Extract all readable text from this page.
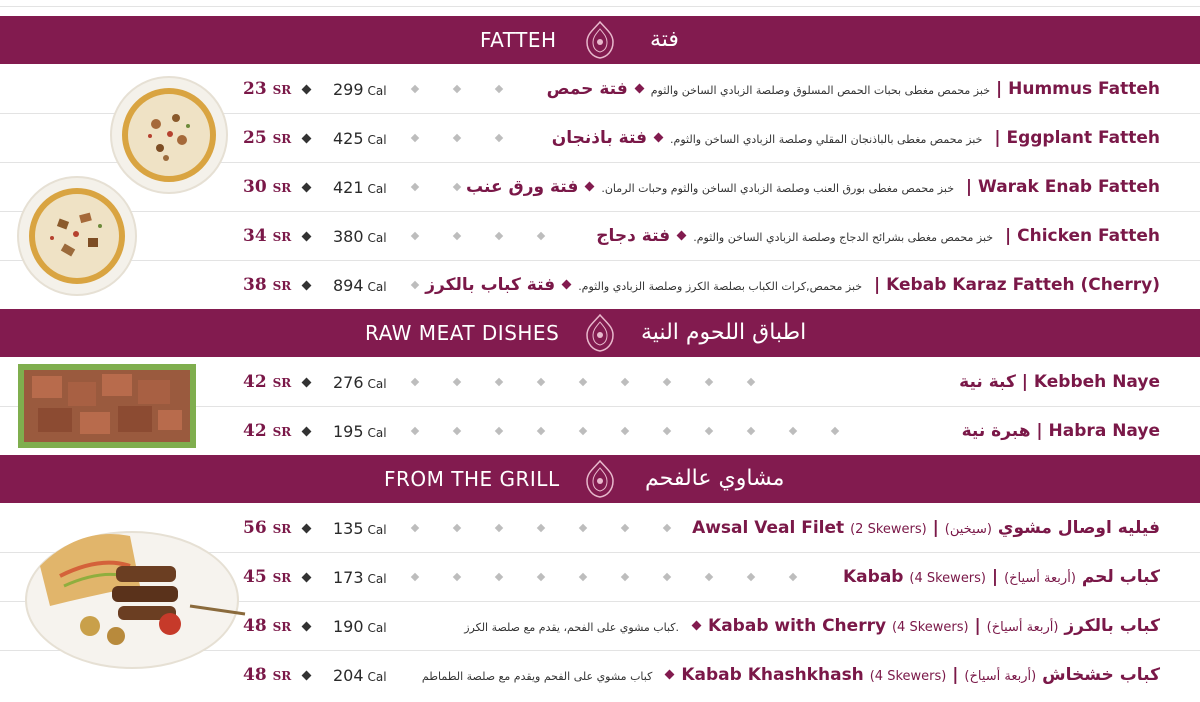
FATTEH	فتة
23 SR	299 Cal	خبز محمص مغطى بحبات الحمص المسلوق وصلصة الزبادي الساخن والثومفتة حمص| Hummus Fatteh
25 SR	425 Cal	خبز محمص مغطى بالباذنجان المقلي وصلصة الزبادي الساخن والثوم.فتة باذنجان | Eggplant Fatteh
30 SR	421 Cal	خبز محمص مغطى بورق العنب وصلصة الزبادي الساخن والثوم وحبات الرمان.فتة ورق عنب | Warak Enab Fatteh
34 SR	380 Cal	خبز محمص مغطى بشرائح الدجاج وصلصة الزبادي الساخن والثوم.فتة دجاج | Chicken Fatteh
38 SR	894 Cal	خبز محمص,كرات الكباب بصلصة الكرز وصلصة الزبادي والثوم.فتة كباب بالكرز | Kebab Karaz Fatteh (Cherry)
RAW MEAT DISHES	اطباق اللحوم النية
42 SR	276 Cal	كبة نية | Kebbeh Naye
42 SR	195 Cal	هبرة نية | Habra Naye
FROM THE GRILL	مشاوي عالفحم
56 SR	135 Cal	Awsal Veal Filet (2 Skewers) | (سيخين) فيليه اوصال مشوي
45 SR	173 Cal	Kabab (4 Skewers) | (أربعة أسياخ) كباب لحم
48 SR	190 Cal	كباب مشوي على الفحم، يقدم مع صلصة الكرز. Kabab with Cherry (4 Skewers) | (أربعة أسياخ) كباب بالكرز
48 SR	204 Cal	كباب مشوي على الفحم ويقدم مع صلصة الطماطم Kabab Khashkhash (4 Skewers) | (أربعة أسياخ) كباب خشخاش
